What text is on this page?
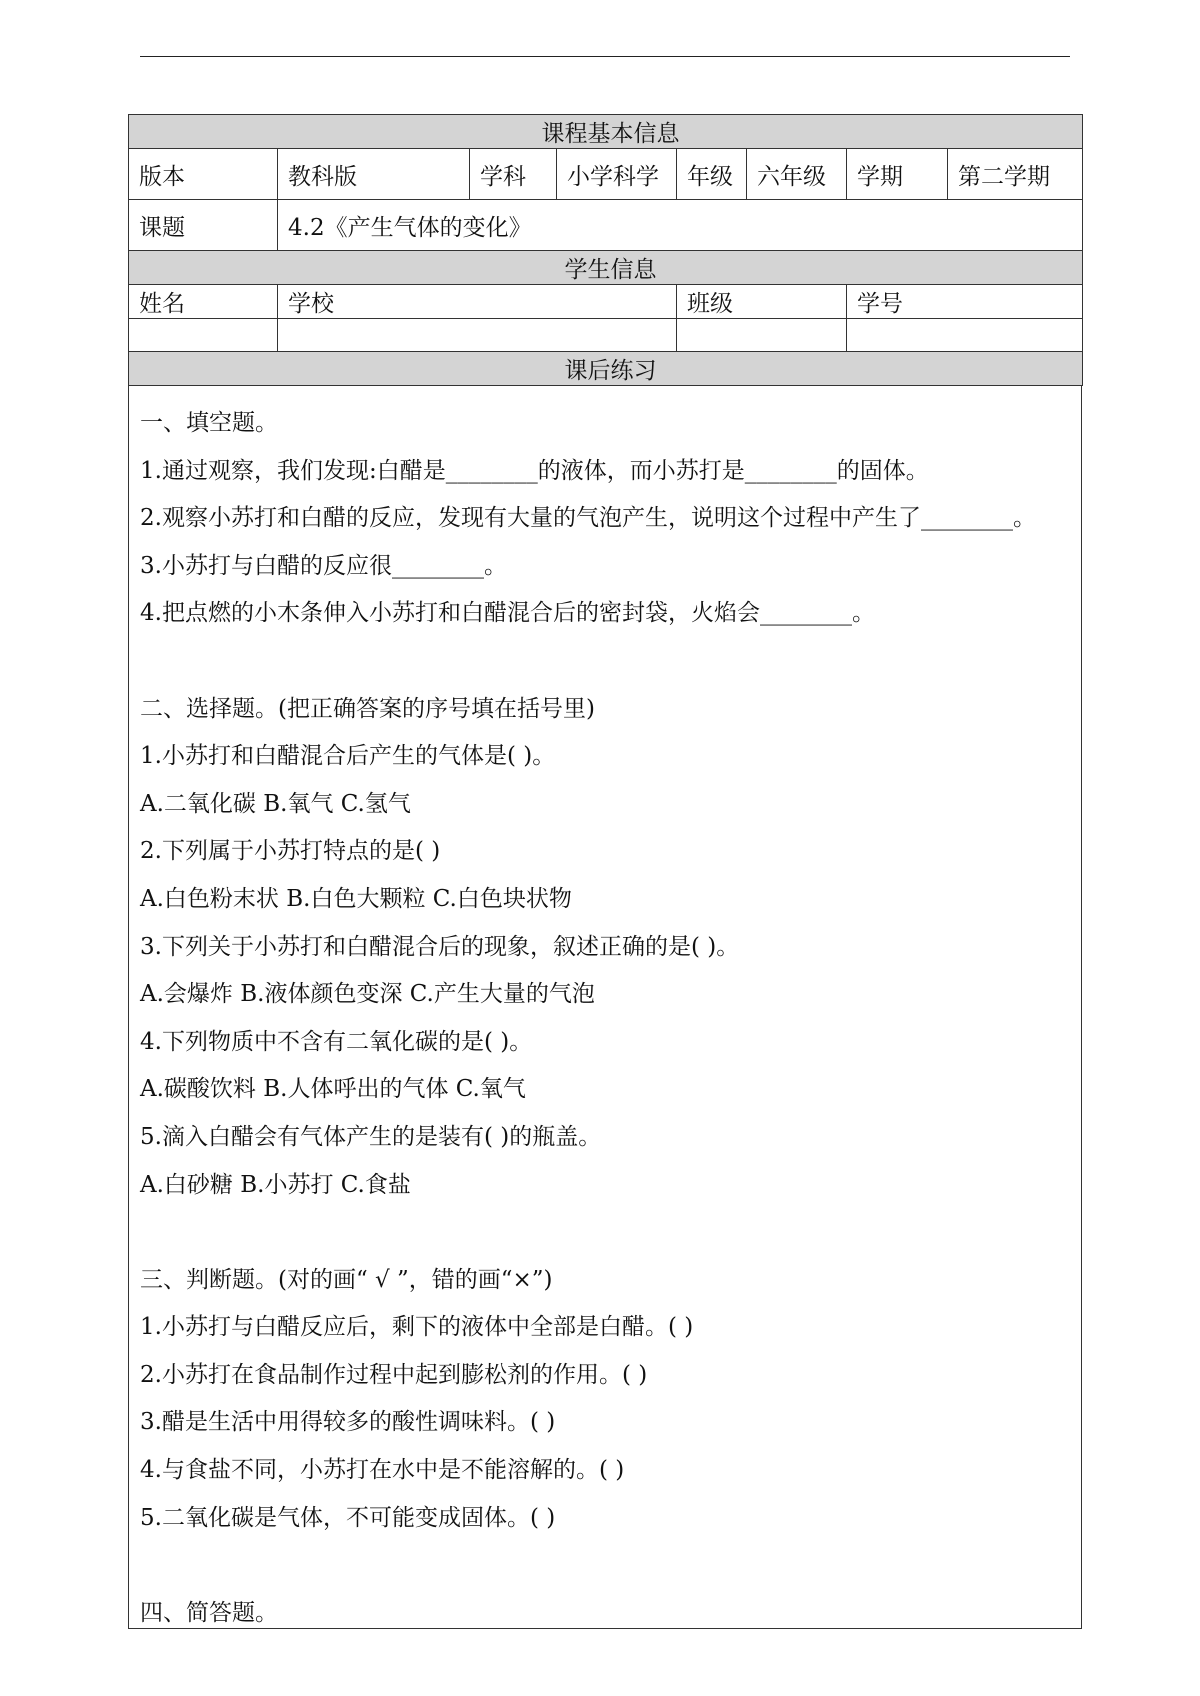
课程基本信息							
版本	教科版	学科	小学科学	年级	六年级	学期	第二学期
课题	4.2《产生气体的变化》						
学生信息							
姓名	学校			班级		学号	

课后练习							
一、填空题。
1.通过观察，我们发现:白醋是________的液体，而小苏打是________的固体。
2.观察小苏打和白醋的反应，发现有大量的气泡产生，说明这个过程中产生了________。
3.小苏打与白醋的反应很________。
4.把点燃的小木条伸入小苏打和白醋混合后的密封袋，火焰会________。
二、选择题。(把正确答案的序号填在括号里)
1.小苏打和白醋混合后产生的气体是( )。
A.二氧化碳 B.氧气 C.氢气
2.下列属于小苏打特点的是( )
A.白色粉末状 B.白色大颗粒 C.白色块状物
3.下列关于小苏打和白醋混合后的现象，叙述正确的是( )。
A.会爆炸 B.液体颜色变深 C.产生大量的气泡
4.下列物质中不含有二氧化碳的是( )。
A.碳酸饮料 B.人体呼出的气体 C.氧气
5.滴入白醋会有气体产生的是装有( )的瓶盖。
A.白砂糖 B.小苏打 C.食盐
三、判断题。(对的画“ √ ”，错的画“×”)
1.小苏打与白醋反应后，剩下的液体中全部是白醋。( )
2.小苏打在食品制作过程中起到膨松剂的作用。( )
3.醋是生活中用得较多的酸性调味料。( )
4.与食盐不同，小苏打在水中是不能溶解的。( )
5.二氧化碳是气体，不可能变成固体。( )
四、简答题。
